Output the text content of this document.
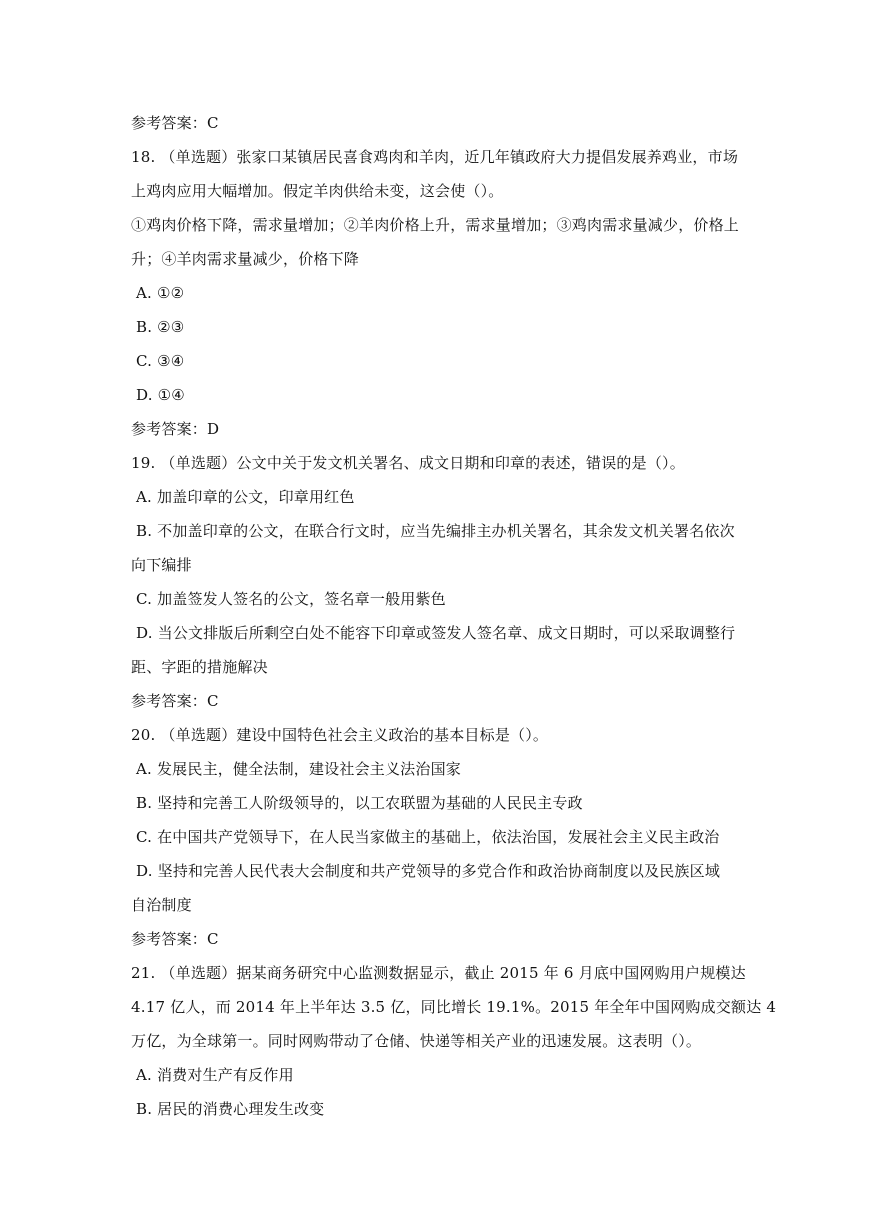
参考答案：C
18. （单选题）张家口某镇居民喜食鸡肉和羊肉，近几年镇政府大力提倡发展养鸡业，市场
上鸡肉应用大幅增加。假定羊肉供给未变，这会使（）。
①鸡肉价格下降，需求量增加；②羊肉价格上升，需求量增加；③鸡肉需求量减少，价格上
升；④羊肉需求量减少，价格下降
A. ①②
B. ②③
C. ③④
D. ①④
参考答案：D
19. （单选题）公文中关于发文机关署名、成文日期和印章的表述，错误的是（）。
A. 加盖印章的公文，印章用红色
B. 不加盖印章的公文，在联合行文时，应当先编排主办机关署名，其余发文机关署名依次
向下编排
C. 加盖签发人签名的公文，签名章一般用紫色
D. 当公文排版后所剩空白处不能容下印章或签发人签名章、成文日期时，可以采取调整行
距、字距的措施解决
参考答案：C
20. （单选题）建设中国特色社会主义政治的基本目标是（）。
A. 发展民主，健全法制，建设社会主义法治国家
B. 坚持和完善工人阶级领导的，以工农联盟为基础的人民民主专政
C. 在中国共产党领导下，在人民当家做主的基础上，依法治国，发展社会主义民主政治
D. 坚持和完善人民代表大会制度和共产党领导的多党合作和政治协商制度以及民族区域
自治制度
参考答案：C
21. （单选题）据某商务研究中心监测数据显示，截止 2015 年 6 月底中国网购用户规模达
4.17 亿人，而 2014 年上半年达 3.5 亿，同比增长 19.1%。2015 年全年中国网购成交额达 4
万亿，为全球第一。同时网购带动了仓储、快递等相关产业的迅速发展。这表明（）。
A. 消费对生产有反作用
B. 居民的消费心理发生改变
